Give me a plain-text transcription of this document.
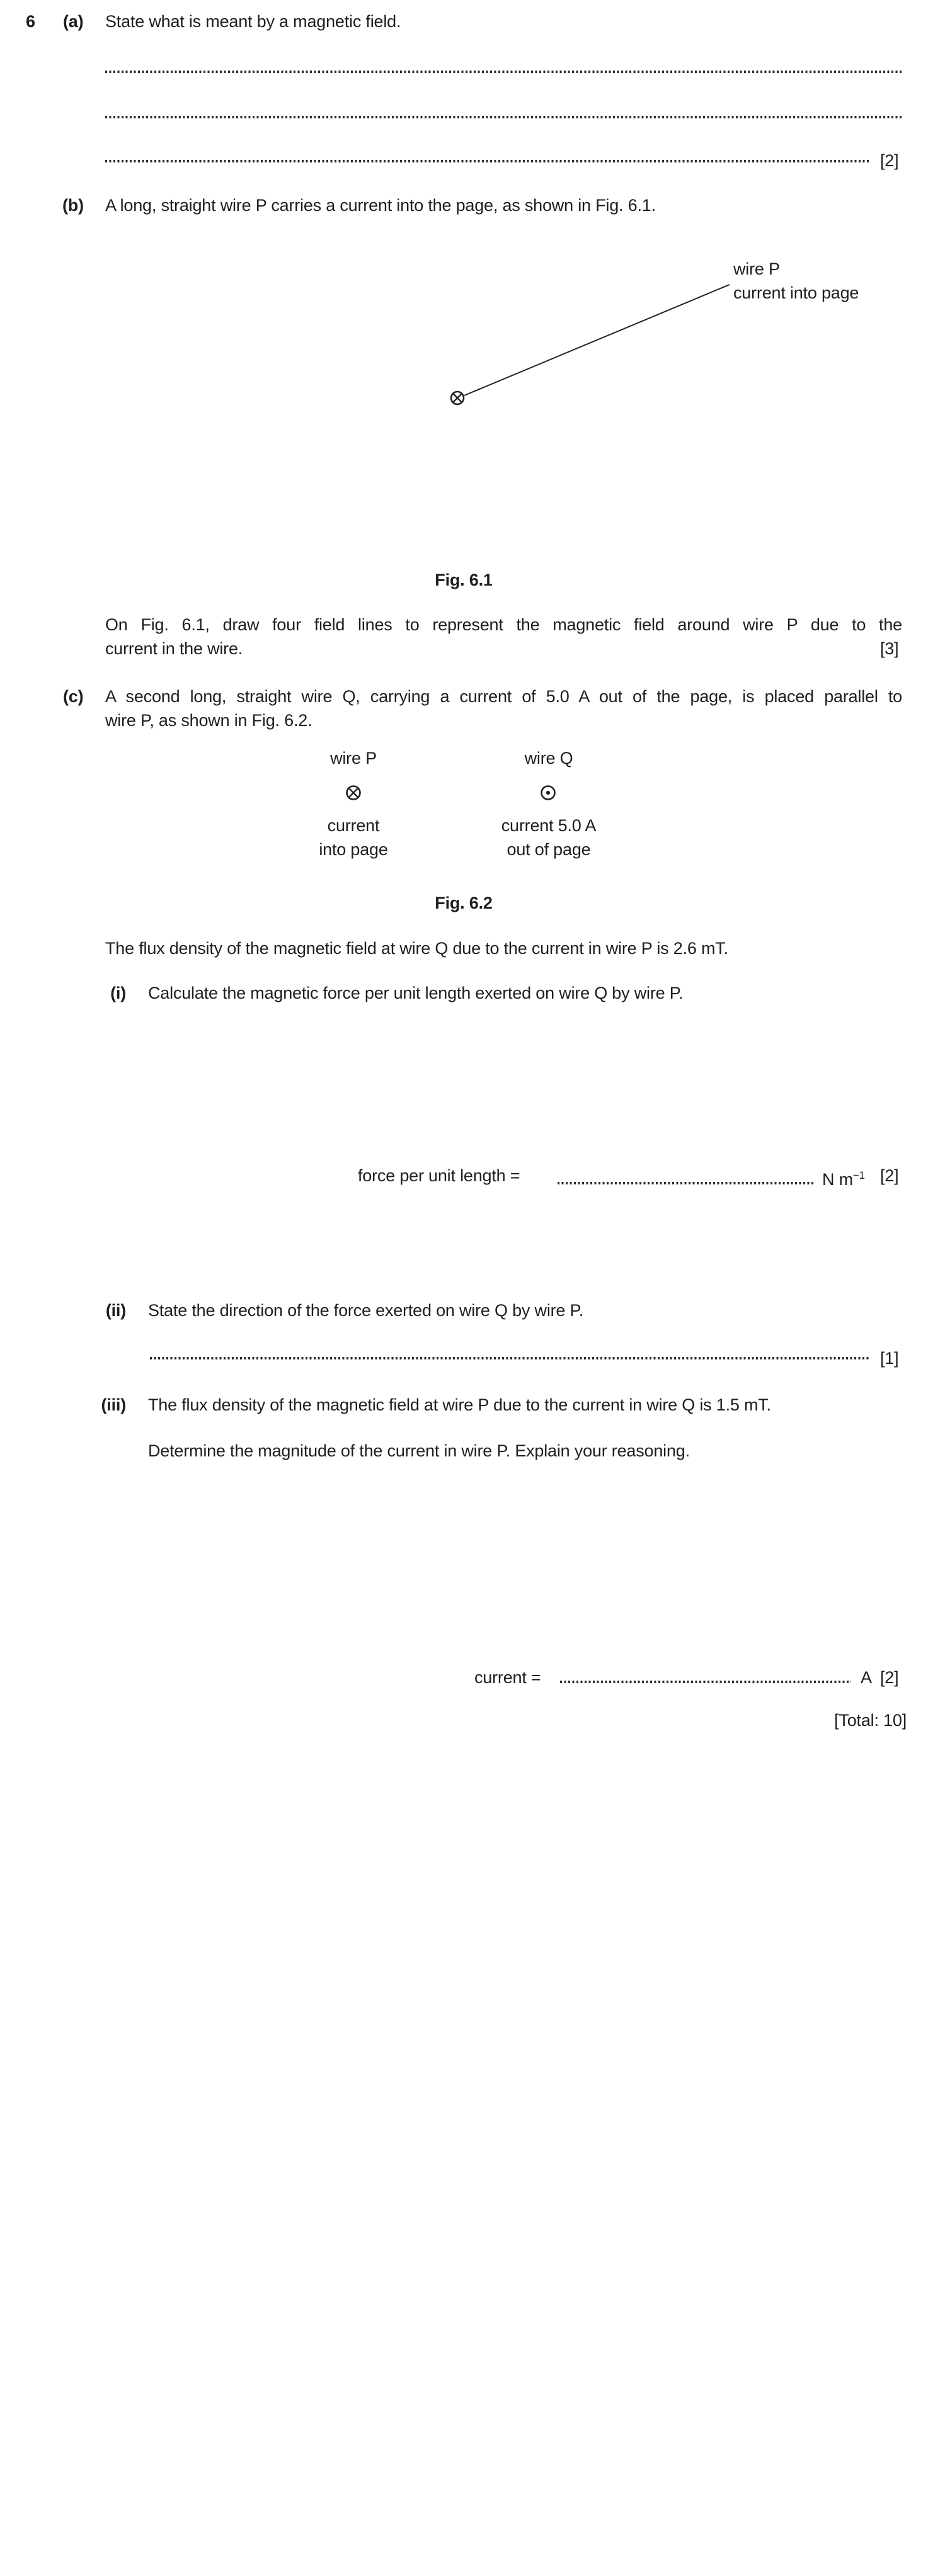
6 (a) State what is meant by a magnetic field.
[2]
(b) A long, straight wire P carries a current into the page, as shown in Fig. 6.1.
wire P
current into page
Fig. 6.1
On Fig. 6.1, draw four field lines to represent the magnetic field around wire P due to the
current in the wire.	[3]
(c) A second long, straight wire Q, carrying a current of 5.0 A out of the page, is placed parallel to
wire P, as shown in Fig. 6.2.
wire P	wire Q
current
into page
current 5.0 A
out of page
Fig. 6.2
The flux density of the magnetic field at wire Q due to the current in wire P is 2.6 mT.
(i) Calculate the magnetic force per unit length exerted on wire Q by wire P.
force per unit length =	N $m^{-1}$ [2]
(ii) State the direction of the force exerted on wire Q by wire P.
[1]
(iii) The flux density of the magnetic field at wire P due to the current in wire Q is 1.5 mT.
Determine the magnitude of the current in wire P. Explain your reasoning.
current =	A [2]
[Total: 10]
